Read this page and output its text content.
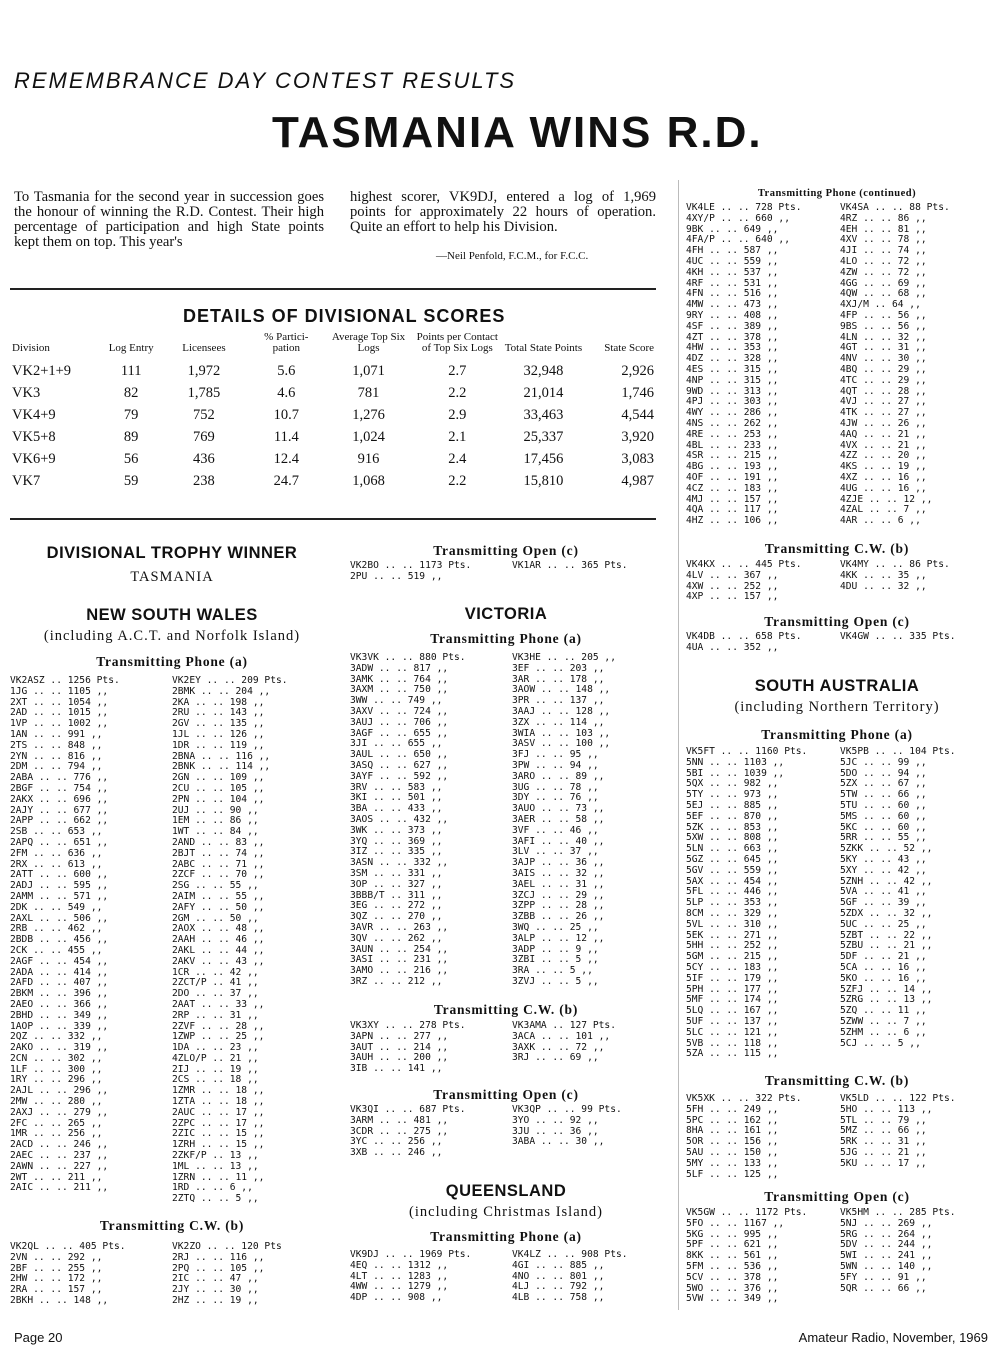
REMEMBRANCE DAY CONTEST RESULTS
TASMANIA WINS R.D.
To Tasmania for the second year in succession goes the honour of winning the R.D. Contest. Their high percentage of participation and high State points kept them on top. This year's
highest scorer, VK9DJ, entered a log of 1,969 points for approximately 22 hours of operation. Quite an effort to help his Division.
—Neil Penfold, F.C.M., for F.C.C.
DETAILS OF DIVISIONAL SCORES
Division	Log Entry	Licensees	% Partici- pation	Average Top Six Logs	Points per Contact of Top Six Logs	Total State Points	State Score
VK2+1+9	111	1,972	5.6	1,071	2.7	32,948	2,926
VK3	82	1,785	4.6	781	2.2	21,014	1,746
VK4+9	79	752	10.7	1,276	2.9	33,463	4,544
VK5+8	89	769	11.4	1,024	2.1	25,337	3,920
VK6+9	56	436	12.4	916	2.4	17,456	3,083
VK7	59	238	24.7	1,068	2.2	15,810	4,987
DIVISIONAL TROPHY WINNER
TASMANIA
NEW SOUTH WALES
(including A.C.T. and Norfolk Island)
Transmitting Phone (a)
VK2ASZ .. 1256 Pts.
1JG .. .. 1105 ,,
2XT .. .. 1054 ,,
2AD .. .. 1015 ,,
1VP .. .. 1002 ,,
1AN .. .. 991 ,,
2TS .. .. 848 ,,
2YN .. .. 816 ,,
2DM .. .. 794 ,,
2ABA .. .. 776 ,,
2BGF .. .. 754 ,,
2AKX .. .. 696 ,,
2AJY .. .. 677 ,,
2APP .. .. 662 ,,
2SB .. .. 653 ,,
2APQ .. .. 651 ,,
2FM .. .. 636 ,,
2RX .. .. 613 ,,
2ATT .. .. 600 ,,
2ADJ .. .. 595 ,,
2AMM .. .. 571 ,,
2DK .. .. 549 ,,
2AXL .. .. 506 ,,
2RB .. .. 462 ,,
2BDB .. .. 456 ,,
2CK .. .. 455 ,,
2AGF .. .. 454 ,,
2ADA .. .. 414 ,,
2AFD .. .. 407 ,,
2BKM .. .. 396 ,,
2AEO .. .. 366 ,,
2BHD .. .. 349 ,,
1AOP .. .. 339 ,,
2QZ .. .. 332 ,,
2AKO .. .. 319 ,,
2CN .. .. 302 ,,
1LF .. .. 300 ,,
1RY .. .. 296 ,,
2AJL .. .. 296 ,,
2MW .. .. 280 ,,
2AXJ .. .. 279 ,,
2FC .. .. 265 ,,
1MR .. .. 256 ,,
2ACD .. .. 246 ,,
2AEC .. .. 237 ,,
2AWN .. .. 227 ,,
2WT .. .. 211 ,,
2AIC .. .. 211 ,,
VK2EY .. .. 209 Pts.
2BMK .. .. 204 ,,
2KA .. .. 198 ,,
2RU .. .. 143 ,,
2GV .. .. 135 ,,
1JL .. .. 126 ,,
1DR .. .. 119 ,,
2BNA .. .. 116 ,,
2BNK .. .. 114 ,,
2GN .. .. 109 ,,
2CU .. .. 105 ,,
2PN .. .. 104 ,,
2UJ .. .. 90 ,,
1EM .. .. 86 ,,
1WT .. .. 84 ,,
2AND .. .. 83 ,,
2BJT .. .. 74 ,,
2ABC .. .. 71 ,,
2ZCF .. .. 70 ,,
2SG .. .. 55 ,,
2AIM .. .. 55 ,,
2AFY .. .. 50 ,,
2GM .. .. 50 ,,
2AOX .. .. 48 ,,
2AAH .. .. 46 ,,
2AKL .. .. 44 ,,
2AKV .. .. 43 ,,
1CR .. .. 42 ,,
2ZCT/P .. 41 ,,
2DO .. .. 37 ,,
2AAT .. .. 33 ,,
2RP .. .. 31 ,,
2ZVF .. .. 28 ,,
1ZWP .. .. 25 ,,
1DA .. .. 23 ,,
4ZLO/P .. 21 ,,
2IJ .. .. 19 ,,
2CS .. .. 18 ,,
1ZMR .. .. 18 ,,
1ZTA .. .. 18 ,,
2AUC .. .. 17 ,,
2ZPC .. .. 17 ,,
2ZIC .. .. 15 ,,
1ZRH .. .. 15 ,,
2ZKF/P .. 13 ,,
1ML .. .. 13 ,,
1ZRN .. .. 11 ,,
1RD .. .. 6 ,,
2ZTQ .. .. 5 ,,
Transmitting C.W. (b)
VK2QL .. .. 405 Pts.
2VN .. .. 292 ,,
2BF .. .. 255 ,,
2HW .. .. 172 ,,
2RA .. .. 157 ,,
2BKH .. .. 148 ,,
VK2ZO .. .. 120 Pts
2RJ .. .. 116 ,,
2PQ .. .. 105 ,,
2IC .. .. 47 ,,
2JY .. .. 30 ,,
2HZ .. .. 19 ,,
Transmitting Open (c)
VK2BO .. .. 1173 Pts.
2PU .. .. 519 ,,
VK1AR .. .. 365 Pts.
VICTORIA
Transmitting Phone (a)
VK3VK .. .. 880 Pts.
3ADW .. .. 817 ,,
3AMK .. .. 764 ,,
3AXM .. .. 750 ,,
3WW .. .. 749 ,,
3AXV .. .. 724 ,,
3AUJ .. .. 706 ,,
3AGF .. .. 655 ,,
3JI .. .. 655 ,,
3AUL .. .. 650 ,,
3ASQ .. .. 627 ,,
3AYF .. .. 592 ,,
3RV .. .. 583 ,,
3KI .. .. 501 ,,
3BA .. .. 433 ,,
3AOS .. .. 432 ,,
3WK .. .. 373 ,,
3YQ .. .. 369 ,,
3IZ .. .. 335 ,,
3ASN .. .. 332 ,,
3SM .. .. 331 ,,
3OP .. .. 327 ,,
3BBB/T .. 311 ,,
3EG .. .. 272 ,,
3QZ .. .. 270 ,,
3AVR .. .. 263 ,,
3QV .. .. 262 ,,
3AUN .. .. 254 ,,
3ASI .. .. 231 ,,
3AMO .. .. 216 ,,
3RZ .. .. 212 ,,
VK3HE .. .. 205 ,,
3EF .. .. 203 ,,
3AR .. .. 178 ,,
3AOW .. .. 148 ,,
3PR .. .. 137 ,,
3AAJ .. .. 128 ,,
3ZX .. .. 114 ,,
3WIA .. .. 103 ,,
3ASV .. .. 100 ,,
3FJ .. .. 95 ,,
3PW .. .. 94 ,,
3ARO .. .. 89 ,,
3UG .. .. 78 ,,
3DY .. .. 76 ,,
3AUO .. .. 73 ,,
3AER .. .. 58 ,,
3VF .. .. 46 ,,
3AFI .. .. 40 ,,
3LV .. .. 37 ,,
3AJP .. .. 36 ,,
3AIS .. .. 32 ,,
3AEL .. .. 31 ,,
3ZCJ .. .. 29 ,,
3ZPP .. .. 28 ,,
3ZBB .. .. 26 ,,
3WQ .. .. 25 ,,
3ALP .. .. 12 ,,
3ADP .. .. 9 ,,
3ZBI .. .. 5 ,,
3RA .. .. 5 ,,
3ZVJ .. .. 5 ,,
Transmitting C.W. (b)
VK3XY .. .. 278 Pts.
3APN .. .. 277 ,,
3AUT .. .. 214 ,,
3AUH .. .. 200 ,,
3IB .. .. 141 ,,
VK3AMA .. 127 Pts.
3ACA .. .. 101 ,,
3AXK .. .. 72 ,,
3RJ .. .. 69 ,,
Transmitting Open (c)
VK3QI .. .. 687 Pts.
3ARM .. .. 481 ,,
3CDR .. .. 275 ,,
3YC .. .. 256 ,,
3XB .. .. 246 ,,
VK3QP .. .. 99 Pts.
3YO .. .. 92 ,,
3JU .. .. 36 ,,
3ABA .. .. 30 ,,
QUEENSLAND
(including Christmas Island)
Transmitting Phone (a)
VK9DJ .. .. 1969 Pts.
4EQ .. .. 1312 ,,
4LT .. .. 1283 ,,
4WW .. .. 1279 ,,
4DP .. .. 908 ,,
VK4LZ .. .. 908 Pts.
4GI .. .. 885 ,,
4NO .. .. 801 ,,
4LJ .. .. 792 ,,
4LB .. .. 758 ,,
Transmitting Phone (continued)
VK4LE .. .. 728 Pts.
4XY/P .. .. 660 ,,
9BK .. .. 649 ,,
4FA/P .. .. 640 ,,
4FH .. .. 587 ,,
4UC .. .. 559 ,,
4KH .. .. 537 ,,
4RF .. .. 531 ,,
4FN .. .. 516 ,,
4MW .. .. 473 ,,
9RY .. .. 408 ,,
4SF .. .. 389 ,,
4ZT .. .. 378 ,,
4HW .. .. 353 ,,
4DZ .. .. 328 ,,
4ES .. .. 315 ,,
4NP .. .. 315 ,,
9WD .. .. 313 ,,
4PJ .. .. 303 ,,
4WY .. .. 286 ,,
4NS .. .. 262 ,,
4RE .. .. 253 ,,
4BL .. .. 233 ,,
4SR .. .. 215 ,,
4BG .. .. 193 ,,
4OF .. .. 191 ,,
4CZ .. .. 183 ,,
4MJ .. .. 157 ,,
4QA .. .. 117 ,,
4HZ .. .. 106 ,,
VK4SA .. .. 88 Pts.
4RZ .. .. 86 ,,
4EH .. .. 81 ,,
4XV .. .. 78 ,,
4JI .. .. 74 ,,
4LO .. .. 72 ,,
4ZW .. .. 72 ,,
4GG .. .. 69 ,,
4QW .. .. 68 ,,
4XJ/M .. 64 ,,
4FP .. .. 56 ,,
9BS .. .. 56 ,,
4LN .. .. 32 ,,
4GT .. .. 31 ,,
4NV .. .. 30 ,,
4BQ .. .. 29 ,,
4TC .. .. 29 ,,
4QT .. .. 28 ,,
4VJ .. .. 27 ,,
4TK .. .. 27 ,,
4JW .. .. 26 ,,
4AQ .. .. 21 ,,
4VX .. .. 21 ,,
4ZZ .. .. 20 ,,
4KS .. .. 19 ,,
4XZ .. .. 16 ,,
4UG .. .. 16 ,,
4ZJE .. .. 12 ,,
4ZAL .. .. 7 ,,
4AR .. .. 6 ,,
Transmitting C.W. (b)
VK4KX .. .. 445 Pts.
4LV .. .. 367 ,,
4XW .. .. 252 ,,
4XP .. .. 157 ,,
VK4MY .. .. 86 Pts.
4KK .. .. 35 ,,
4DU .. .. 32 ,,
Transmitting Open (c)
VK4DB .. .. 658 Pts.
4UA .. .. 352 ,,
VK4GW .. .. 335 Pts.
SOUTH AUSTRALIA
(including Northern Territory)
Transmitting Phone (a)
VK5FT .. .. 1160 Pts.
5NN .. .. 1103 ,,
5BI .. .. 1039 ,,
5QX .. .. 982 ,,
5TY .. .. 973 ,,
5EJ .. .. 885 ,,
5EF .. .. 870 ,,
5ZK .. .. 853 ,,
5XW .. .. 808 ,,
5LN .. .. 663 ,,
5GZ .. .. 645 ,,
5GV .. .. 559 ,,
5AX .. .. 454 ,,
5FL .. .. 446 ,,
5LP .. .. 353 ,,
8CM .. .. 329 ,,
5VL .. .. 310 ,,
5EK .. .. 271 ,,
5HH .. .. 252 ,,
5GM .. .. 215 ,,
5CY .. .. 183 ,,
5IF .. .. 179 ,,
5PH .. .. 177 ,,
5MF .. .. 174 ,,
5LQ .. .. 167 ,,
5UF .. .. 137 ,,
5LC .. .. 121 ,,
5VB .. .. 118 ,,
5ZA .. .. 115 ,,
VK5PB .. .. 104 Pts.
5JC .. .. 99 ,,
5DO .. .. 94 ,,
5ZX .. .. 67 ,,
5TW .. .. 66 ,,
5TU .. .. 60 ,,
5MS .. .. 60 ,,
5KC .. .. 60 ,,
5RR .. .. 55 ,,
5ZKK .. .. 52 ,,
5KY .. .. 43 ,,
5XY .. .. 42 ,,
5ZNH .. .. 42 ,,
5VA .. .. 41 ,,
5GF .. .. 39 ,,
5ZDX .. .. 32 ,,
5UC .. .. 25 ,,
5ZBT .. .. 22 ,,
5ZBU .. .. 21 ,,
5DF .. .. 21 ,,
5CA .. .. 16 ,,
5KO .. .. 16 ,,
5ZFJ .. .. 14 ,,
5ZRG .. .. 13 ,,
5ZQ .. .. 11 ,,
5ZWW .. .. 7 ,,
5ZHM .. .. 6 ,,
5CJ .. .. 5 ,,
Transmitting C.W. (b)
VK5XK .. .. 322 Pts.
5FH .. .. 249 ,,
5PC .. .. 162 ,,
8HA .. .. 161 ,,
5OR .. .. 156 ,,
5AU .. .. 150 ,,
5MY .. .. 133 ,,
5LF .. .. 125 ,,
VK5LD .. .. 122 Pts.
5HO .. .. 113 ,,
5TL .. .. 79 ,,
5MZ .. .. 66 ,,
5RK .. .. 31 ,,
5JG .. .. 21 ,,
5KU .. .. 17 ,,
Transmitting Open (c)
VK5GW .. .. 1172 Pts.
5FO .. .. 1167 ,,
5KG .. .. 995 ,,
5PF .. .. 621 ,,
8KK .. .. 561 ,,
5FM .. .. 536 ,,
5CV .. .. 378 ,,
5WO .. .. 376 ,,
5VW .. .. 349 ,,
VK5HM .. .. 285 Pts.
5NJ .. .. 269 ,,
5RG .. .. 264 ,,
5DV .. .. 244 ,,
5WI .. .. 241 ,,
5WN .. .. 140 ,,
5FY .. .. 91 ,,
5QR .. .. 66 ,,
Page 20	Amateur Radio, November, 1969
